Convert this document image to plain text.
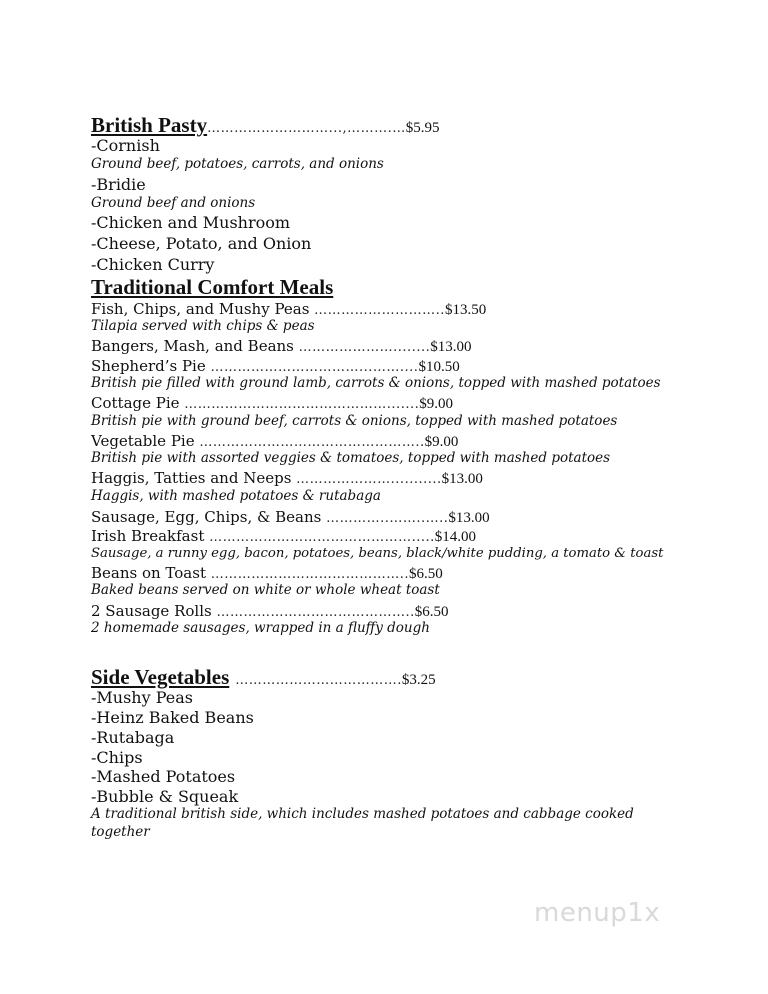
British Pasty………………………...,……….…$5.95
-Cornish
Ground beef, potatoes, carrots, and onions
-Bridie
Ground beef and onions
-Chicken and Mushroom
-Cheese, Potato, and Onion
-Chicken Curry
Traditional Comfort Meals
Fish, Chips, and Mushy Peas ………………………..$13.50
Tilapia served with chips & peas
Bangers, Mash, and Beans …………………........$13.00
Shepherd’s Pie ……………………………...……....$10.50
British pie filled with ground lamb, carrots & onions, topped with mashed potatoes
Cottage Pie ……………………………………….......$9.00
British pie with ground beef, carrots & onions, topped with mashed potatoes
Vegetable Pie …………………………………………..$9.00
British pie with assorted veggies & tomatoes, topped with mashed potatoes
Haggis, Tatties and Neeps …………………...........$13.00
Haggis, with mashed potatoes & rutabaga
Sausage, Egg, Chips, & Beans …………..……..…..$13.00
Irish Breakfast ……………………………………….....$14.00
Sausage, a runny egg, bacon, potatoes, beans, black/white pudding, a tomato & toast
Beans on Toast ……………………………………..$6.50
Baked beans served on white or whole wheat toast
2 Sausage Rolls ……………………………………..$6.50
2 homemade sausages, wrapped in a fluffy dough
Side Vegetables ……………………………….$3.25
-Mushy Peas
-Heinz Baked Beans
-Rutabaga
-Chips
-Mashed Potatoes
-Bubble & Squeak
A traditional british side, which includes mashed potatoes and cabbage cooked
together
menup1x
